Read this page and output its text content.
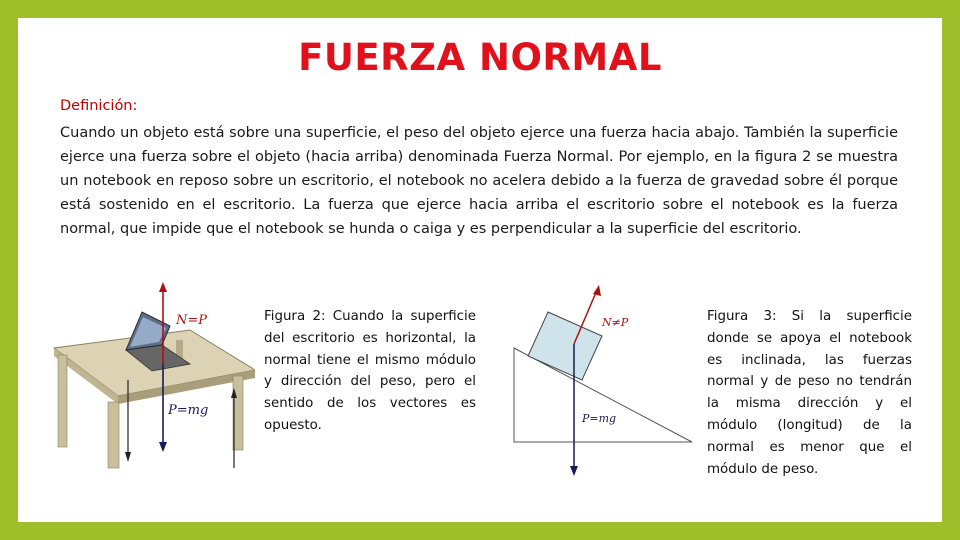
FUERZA NORMAL

Definición:

Cuando un objeto está sobre una superficie, el peso del objeto ejerce una fuerza hacia abajo. También la superficie ejerce una fuerza sobre el objeto (hacia arriba) denominada Fuerza Normal. Por ejemplo, en la figura 2 se muestra un notebook en reposo sobre un escritorio, el notebook no acelera debido a la fuerza de gravedad sobre él porque está sostenido en el escritorio. La fuerza que ejerce hacia arriba el escritorio sobre el notebook es la fuerza normal, que impide que el notebook se hunda o caiga y es perpendicular a la superficie del escritorio.

N=P
P=mg

Figura 2: Cuando la superficie del escritorio es horizontal, la normal tiene el mismo módulo y dirección del peso, pero el sentido de los vectores es opuesto.

N≠P
P=mg

Figura 3: Si la superficie donde se apoya el notebook es inclinada, las fuerzas normal y de peso no tendrán la misma dirección y el módulo (longitud) de la normal es menor que el módulo de peso.
